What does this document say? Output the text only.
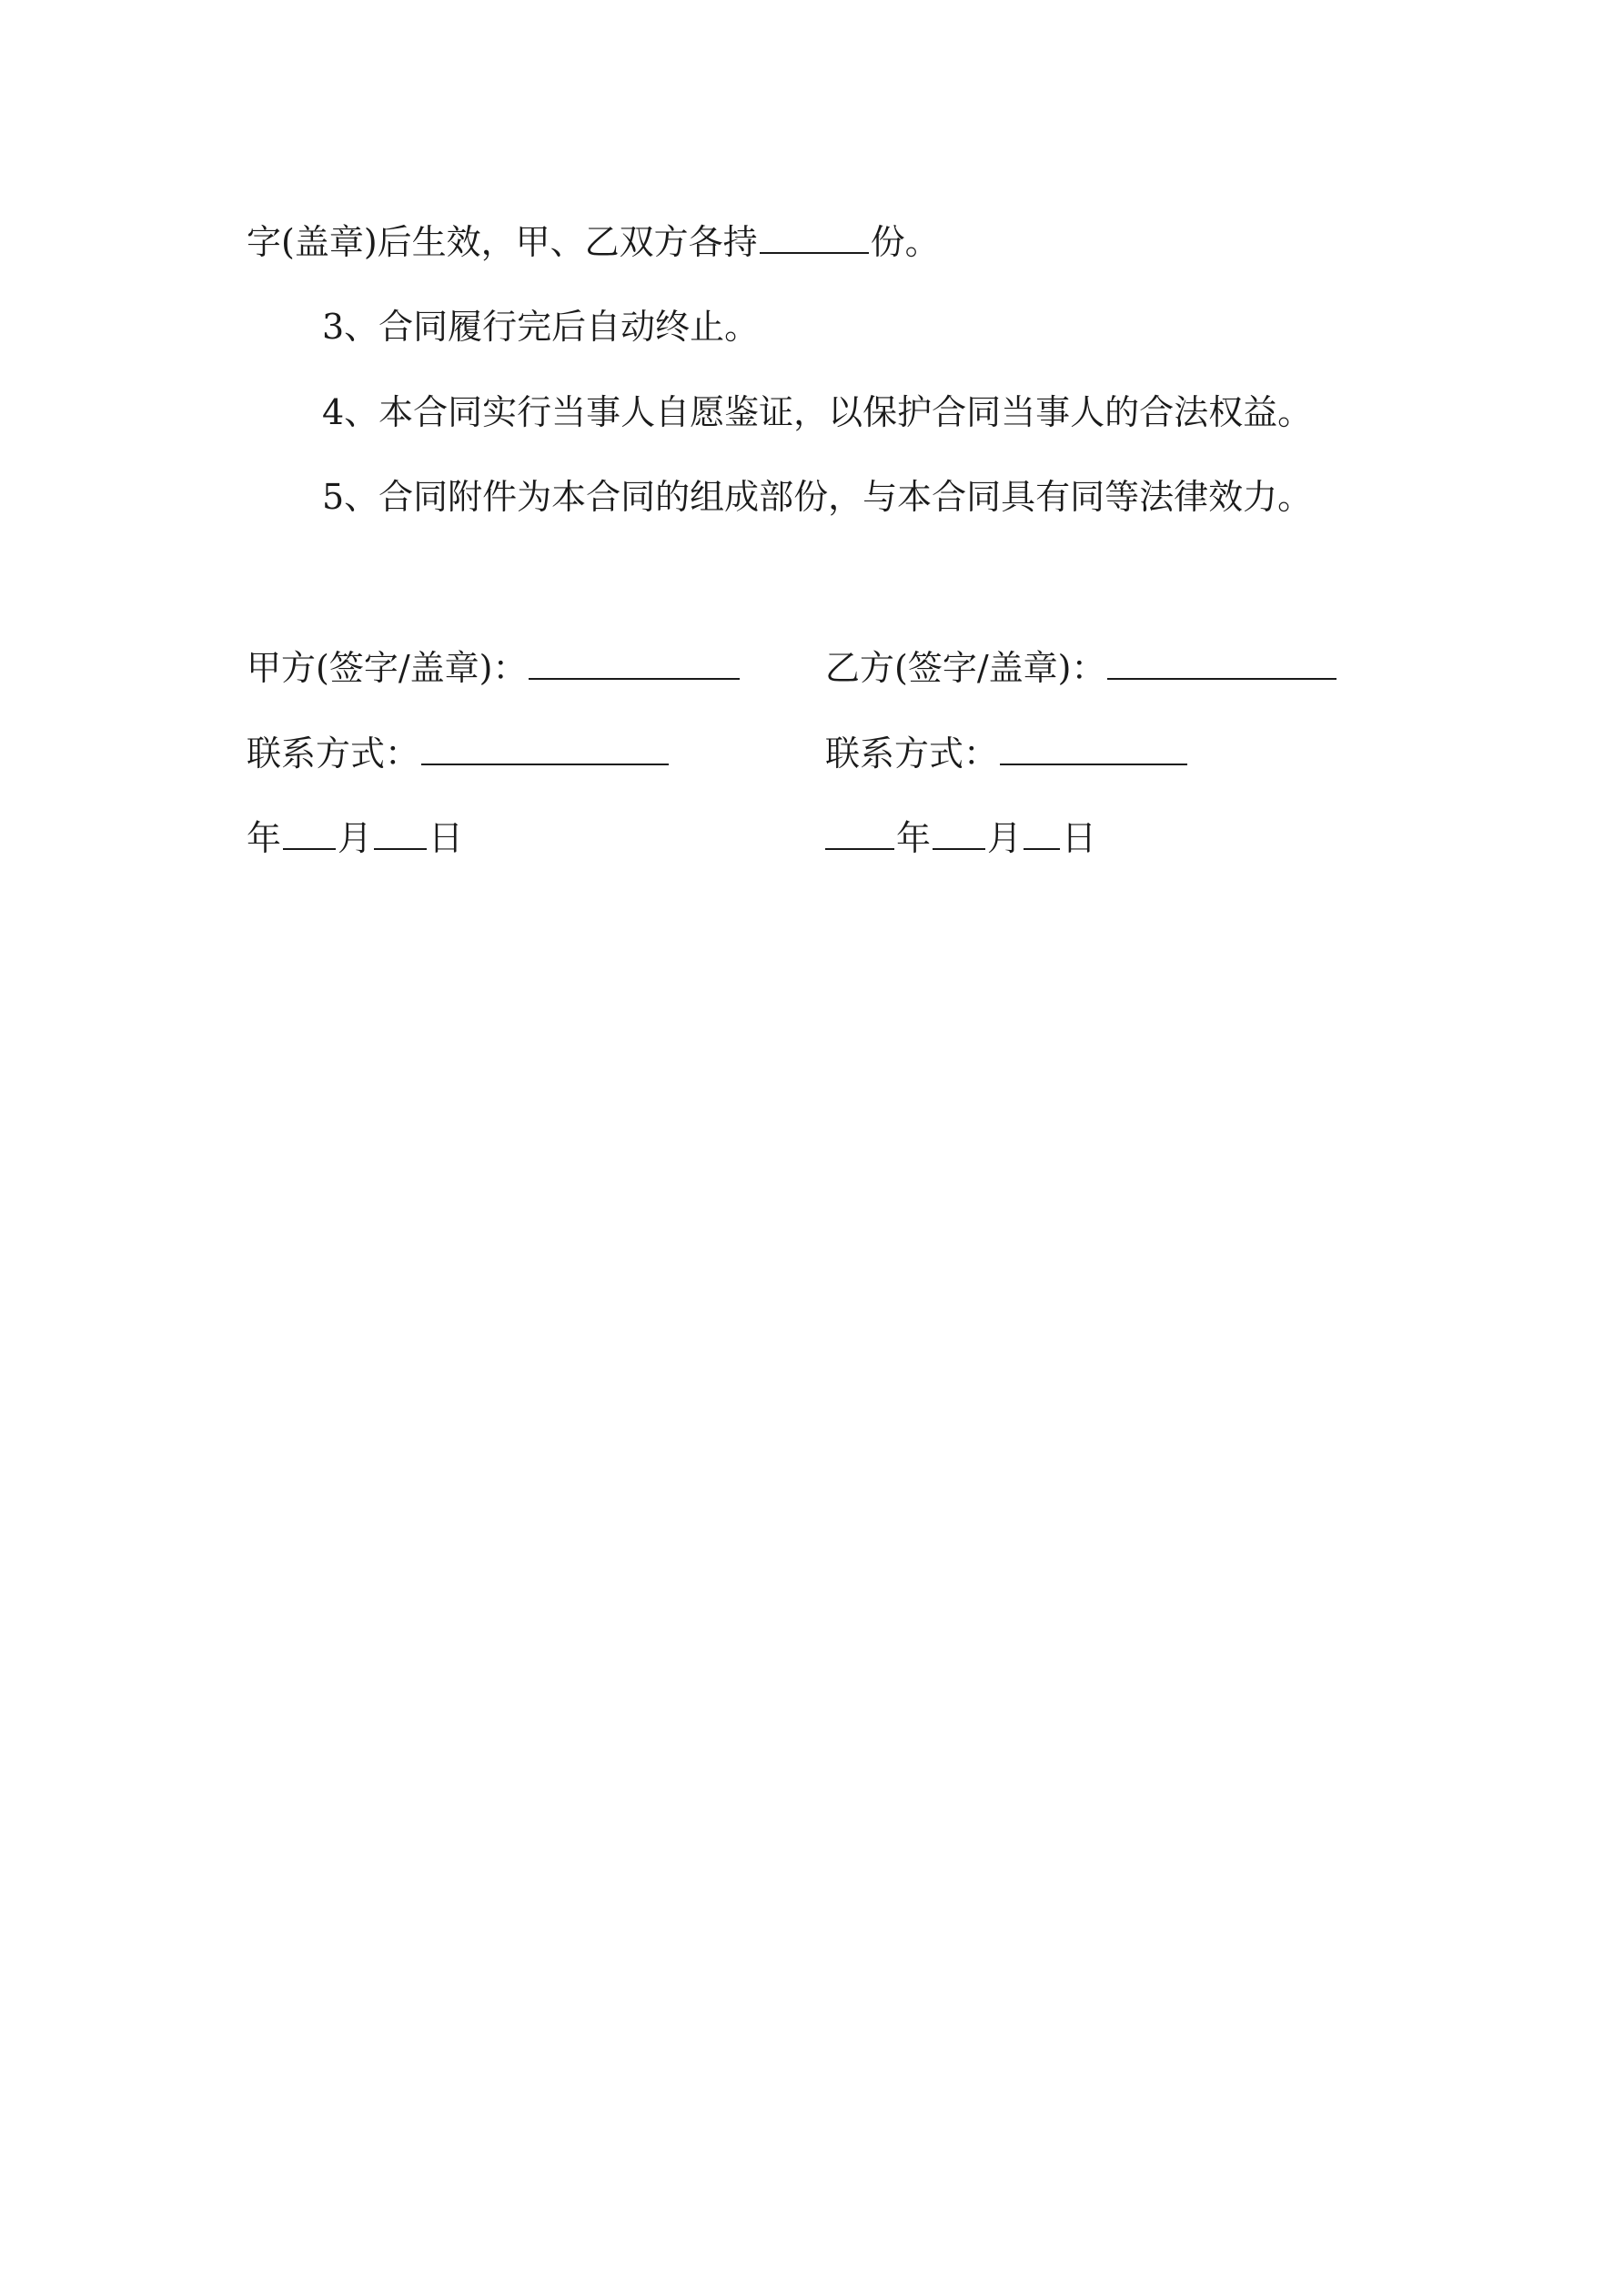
字(盖章)后生效，甲、乙双方各持	份。
3、合同履行完后自动终止。
4、本合同实行当事人自愿鉴证，以保护合同当事人的合法权益。
5、合同附件为本合同的组成部份，与本合同具有同等法律效力。
甲方(签字/盖章)：	乙方(签字/盖章)：
联系方式：	联系方式：
年 月 日	年 月 日
